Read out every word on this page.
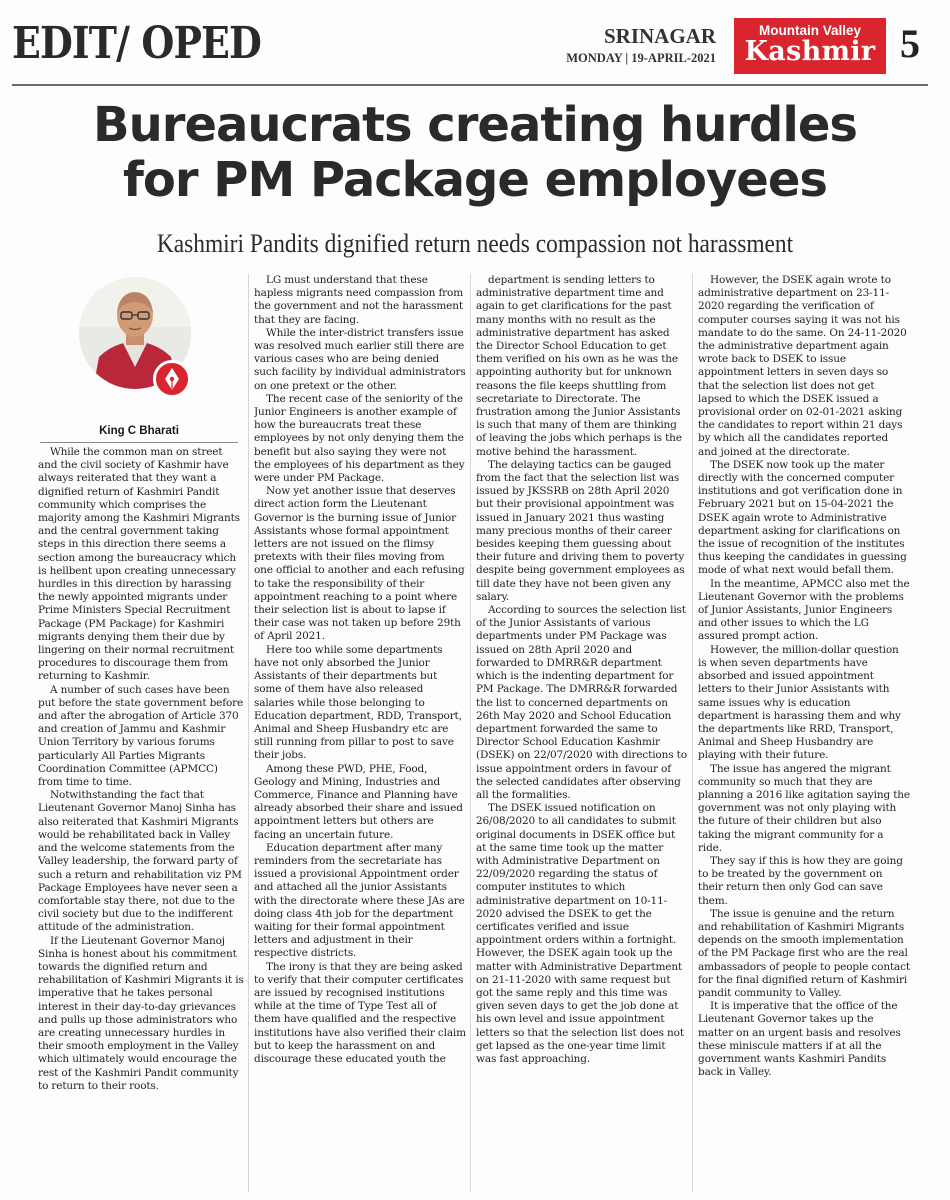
EDIT/ OPED	SRINAGAR
MONDAY | 19-APRIL-2021
Mountain Valley
Kashmir 5
Bureaucrats creating hurdles
for PM Package employees
Kashmiri Pandits dignified return needs compassion not harassment
King C Bharati

While the common man on street and the civil society of Kashmir have always reiterated that they want a dignified return of Kashmiri Pandit community which comprises the majority among the Kashmiri Migrants and the central government taking steps in this direction there seems a section among the bureaucracy which is hellbent upon creating unnecessary hurdles in this direction by harassing the newly appointed migrants under Prime Ministers Special Recruitment Package (PM Package) for Kashmiri migrants denying them their due by lingering on their normal recruitment procedures to discourage them from returning to Kashmir.

A number of such cases have been put before the state government before and after the abrogation of Article 370 and creation of Jammu and Kashmir Union Territory by various forums particularly All Parties Migrants Coordination Committee (APMCC) from time to time.

Notwithstanding the fact that Lieutenant Governor Manoj Sinha has also reiterated that Kashmiri Migrants would be rehabilitated back in Valley and the welcome statements from the Valley leadership, the forward party of such a return and rehabilitation viz PM Package Employees have never seen a comfortable stay there, not due to the civil society but due to the indifferent attitude of the administration.

If the Lieutenant Governor Manoj Sinha is honest about his commitment towards the dignified return and rehabilitation of Kashmiri Migrants it is imperative that he takes personal interest in their day-to-day grievances and pulls up those administrators who are creating unnecessary hurdles in their smooth employment in the Valley which ultimately would encourage the rest of the Kashmiri Pandit community to return to their roots.

LG must understand that these hapless migrants need compassion from the government and not the harassment that they are facing.

While the inter-district transfers issue was resolved much earlier still there are various cases who are being denied such facility by individual administrators on one pretext or the other.

The recent case of the seniority of the Junior Engineers is another example of how the bureaucrats treat these employees by not only denying them the benefit but also saying they were not the employees of his department as they were under PM Package.

Now yet another issue that deserves direct action form the Lieutenant Governor is the burning issue of Junior Assistants whose formal appointment letters are not issued on the flimsy pretexts with their files moving from one official to another and each refusing to take the responsibility of their appointment reaching to a point where their selection list is about to lapse if their case was not taken up before 29th of April 2021.

Here too while some departments have not only absorbed the Junior Assistants of their departments but some of them have also released salaries while those belonging to Education department, RDD, Transport, Animal and Sheep Husbandry etc are still running from pillar to post to save their jobs.

Among these PWD, PHE, Food, Geology and Mining, Industries and Commerce, Finance and Planning have already absorbed their share and issued appointment letters but others are facing an uncertain future.

Education department after many reminders from the secretariate has issued a provisional Appointment order and attached all the junior Assistants with the directorate where these JAs are doing class 4th job for the department waiting for their formal appointment letters and adjustment in their respective districts.

The irony is that they are being asked to verify that their computer certificates are issued by recognised institutions while at the time of Type Test all of them have qualified and the respective institutions have also verified their claim but to keep the harassment on and discourage these educated youth the

department is sending letters to administrative department time and again to get clarifications for the past many months with no result as the administrative department has asked the Director School Education to get them verified on his own as he was the appointing authority but for unknown reasons the file keeps shuttling from secretariate to Directorate. The frustration among the Junior Assistants is such that many of them are thinking of leaving the jobs which perhaps is the motive behind the harassment.

The delaying tactics can be gauged from the fact that the selection list was issued by JKSSRB on 28th April 2020 but their provisional appointment was issued in January 2021 thus wasting many precious months of their career besides keeping them guessing about their future and driving them to poverty despite being government employees as till date they have not been given any salary.

According to sources the selection list of the Junior Assistants of various departments under PM Package was issued on 28th April 2020 and forwarded to DMRR&R department which is the indenting department for PM Package. The DMRR&R forwarded the list to concerned departments on 26th May 2020 and School Education department forwarded the same to Director School Education Kashmir (DSEK) on 22/07/2020 with directions to issue appointment orders in favour of the selected candidates after observing all the formalities.

The DSEK issued notification on 26/08/2020 to all candidates to submit original documents in DSEK office but at the same time took up the matter with Administrative Department on 22/09/2020 regarding the status of computer institutes to which administrative department on 10-11-2020 advised the DSEK to get the certificates verified and issue appointment orders within a fortnight. However, the DSEK again took up the matter with Administrative Department on 21-11-2020 with same request but got the same reply and this time was given seven days to get the job done at his own level and issue appointment letters so that the selection list does not get lapsed as the one-year time limit was fast approaching.

However, the DSEK again wrote to administrative department on 23-11-2020 regarding the verification of computer courses saying it was not his mandate to do the same. On 24-11-2020 the administrative department again wrote back to DSEK to issue appointment letters in seven days so that the selection list does not get lapsed to which the DSEK issued a provisional order on 02-01-2021 asking the candidates to report within 21 days by which all the candidates reported and joined at the directorate.

The DSEK now took up the mater directly with the concerned computer institutions and got verification done in February 2021 but on 15-04-2021 the DSEK again wrote to Administrative department asking for clarifications on the issue of recognition of the institutes thus keeping the candidates in guessing mode of what next would befall them.

In the meantime, APMCC also met the Lieutenant Governor with the problems of Junior Assistants, Junior Engineers and other issues to which the LG assured prompt action.

However, the million-dollar question is when seven departments have absorbed and issued appointment letters to their Junior Assistants with same issues why is education department is harassing them and why the departments like RRD, Transport, Animal and Sheep Husbandry are playing with their future.

The issue has angered the migrant community so much that they are planning a 2016 like agitation saying the government was not only playing with the future of their children but also taking the migrant community for a ride.

They say if this is how they are going to be treated by the government on their return then only God can save them.

The issue is genuine and the return and rehabilitation of Kashmiri Migrants depends on the smooth implementation of the PM Package first who are the real ambassadors of people to people contact for the final dignified return of Kashmiri pandit community to Valley.

It is imperative that the office of the Lieutenant Governor takes up the matter on an urgent basis and resolves these miniscule matters if at all the government wants Kashmiri Pandits back in Valley.
